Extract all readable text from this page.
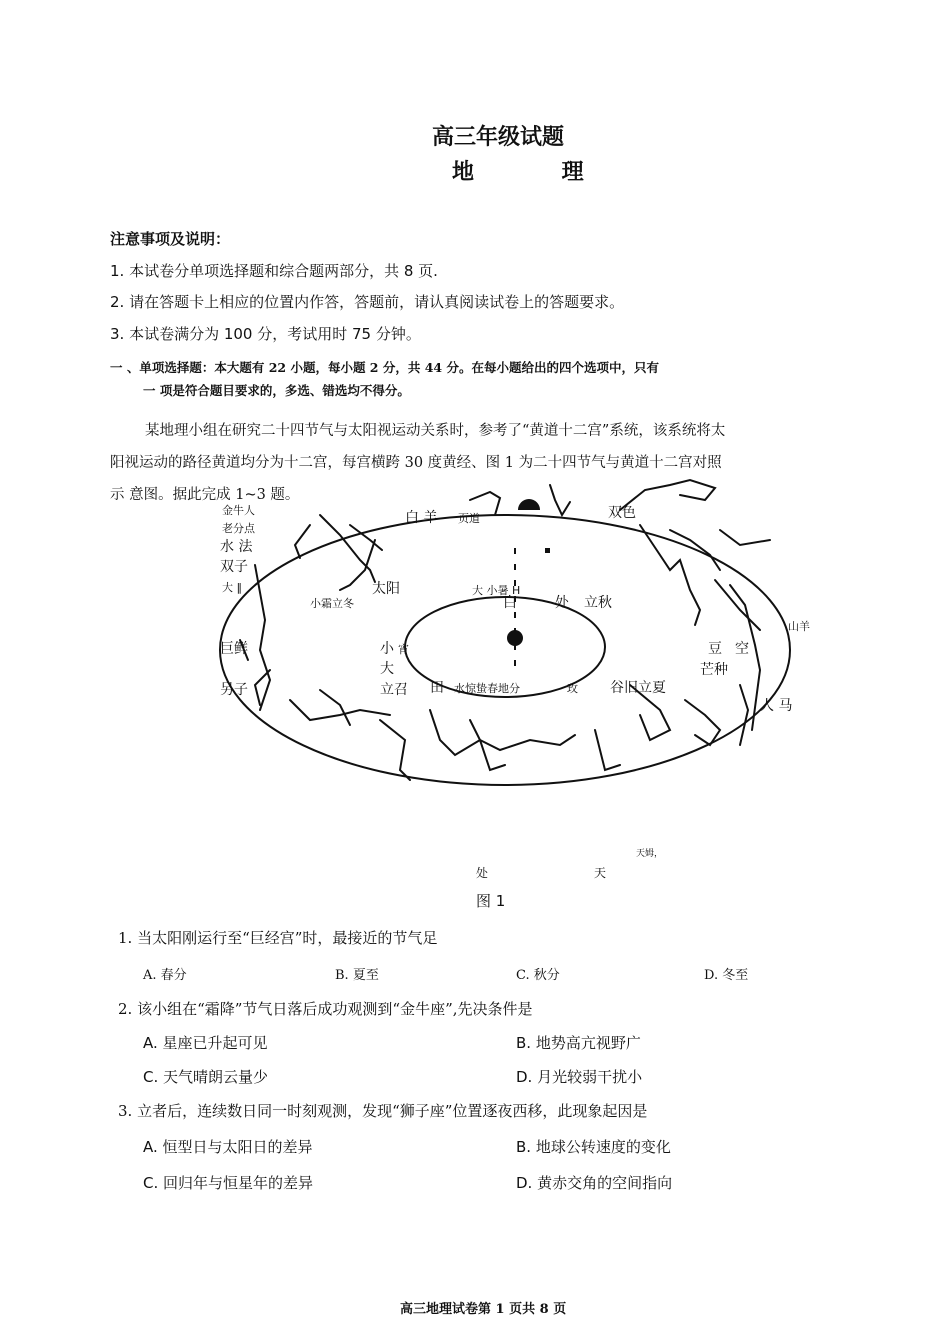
高三年级试题
地 理
注意事项及说明：
1. 本试卷分单项选择题和综合题两部分，共 8 页.
2. 请在答题卡上相应的位置内作答，答题前，请认真阅读试卷上的答题要求。
3. 本试卷满分为 100 分，考试用时 75 分钟。
一 、单项选择题：本大题有 22 小题，每小题 2 分，共 44 分。在每小题给出的四个选项中，只有
一 项是符合题目要求的，多选、错选均不得分。
某地理小组在研究二十四节气与太阳视运动关系时，参考了“黄道十二宫”系统，该系统将太
阳视运动的路径黄道均分为十二宫，每宫横跨 30 度黄经、图 1 为二十四节气与黄道十二宫对照
示 意图。据此完成 1~3 题。
金牛人
老分点
水 法
双子
大 ‖
白 羊 页道	双色
太阳
小霜立冬
大 小暑 H
白	处 立秋
山羊
巨鲜	小 宵	豆 空
大	芒种
立召 田 水惊蛰春地分	玫 谷旧立夏
另子
人 马
天姆，
处	天
图 1
1. 当太阳刚运行至“巨经宫”时，最接近的节气足
A. 春分	B. 夏至	C. 秋分	D. 冬至
2. 该小组在“霜降”节气日落后成功观测到“金牛座”,先决条件是
A. 星座已升起可见	B. 地势高亢视野广
C. 天气晴朗云量少	D. 月光较弱干扰小
3. 立者后，连续数日同一时刻观测，发现“狮子座”位置逐夜西移，此现象起因是
A. 恒型日与太阳日的差异	B. 地球公转速度的变化
C. 回归年与恒星年的差异	D. 黄赤交角的空间指向
高三地理试卷第 1 页共 8 页
